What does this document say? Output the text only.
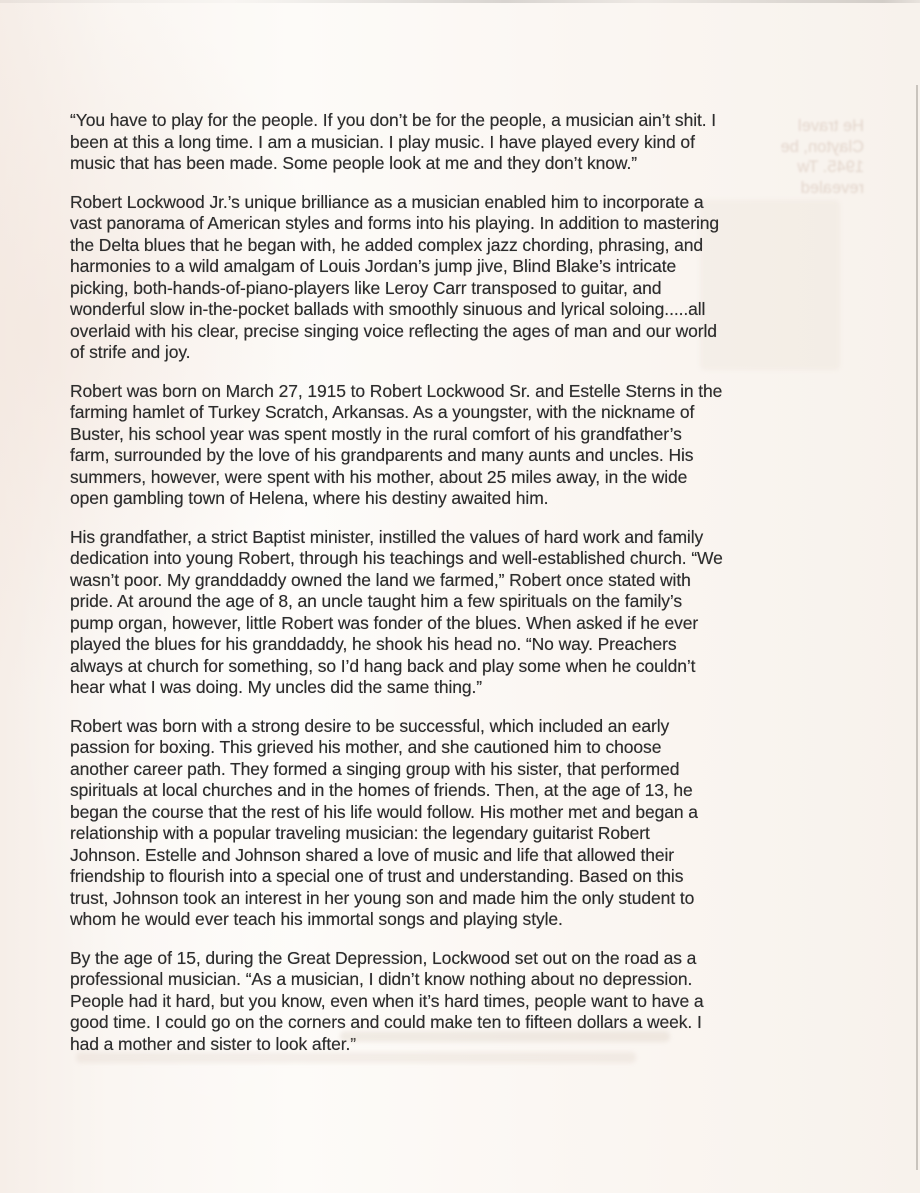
He travel
Clayton, be
1945. Tw
revealed
“You have to play for the people. If you don’t be for the people, a musician ain’t shit. I
been at this a long time. I am a musician. I play music. I have played every kind of
music that has been made. Some people look at me and they don’t know.”
Robert Lockwood Jr.’s unique brilliance as a musician enabled him to incorporate a
vast panorama of American styles and forms into his playing. In addition to mastering
the Delta blues that he began with, he added complex jazz chording, phrasing, and
harmonies to a wild amalgam of Louis Jordan’s jump jive, Blind Blake’s intricate
picking, both-hands-of-piano-players like Leroy Carr transposed to guitar, and
wonderful slow in-the-pocket ballads with smoothly sinuous and lyrical soloing.....all
overlaid with his clear, precise singing voice reflecting the ages of man and our world
of strife and joy.
Robert was born on March 27, 1915 to Robert Lockwood Sr. and Estelle Sterns in the
farming hamlet of Turkey Scratch, Arkansas. As a youngster, with the nickname of
Buster, his school year was spent mostly in the rural comfort of his grandfather’s
farm, surrounded by the love of his grandparents and many aunts and uncles. His
summers, however, were spent with his mother, about 25 miles away, in the wide
open gambling town of Helena, where his destiny awaited him.
His grandfather, a strict Baptist minister, instilled the values of hard work and family
dedication into young Robert, through his teachings and well-established church. “We
wasn’t poor. My granddaddy owned the land we farmed,” Robert once stated with
pride. At around the age of 8, an uncle taught him a few spirituals on the family’s
pump organ, however, little Robert was fonder of the blues. When asked if he ever
played the blues for his granddaddy, he shook his head no. “No way. Preachers
always at church for something, so I’d hang back and play some when he couldn’t
hear what I was doing. My uncles did the same thing.”
Robert was born with a strong desire to be successful, which included an early
passion for boxing. This grieved his mother, and she cautioned him to choose
another career path. They formed a singing group with his sister, that performed
spirituals at local churches and in the homes of friends. Then, at the age of 13, he
began the course that the rest of his life would follow. His mother met and began a
relationship with a popular traveling musician: the legendary guitarist Robert
Johnson. Estelle and Johnson shared a love of music and life that allowed their
friendship to flourish into a special one of trust and understanding. Based on this
trust, Johnson took an interest in her young son and made him the only student to
whom he would ever teach his immortal songs and playing style.
By the age of 15, during the Great Depression, Lockwood set out on the road as a
professional musician. “As a musician, I didn’t know nothing about no depression.
People had it hard, but you know, even when it’s hard times, people want to have a
good time. I could go on the corners and could make ten to fifteen dollars a week. I
had a mother and sister to look after.”
